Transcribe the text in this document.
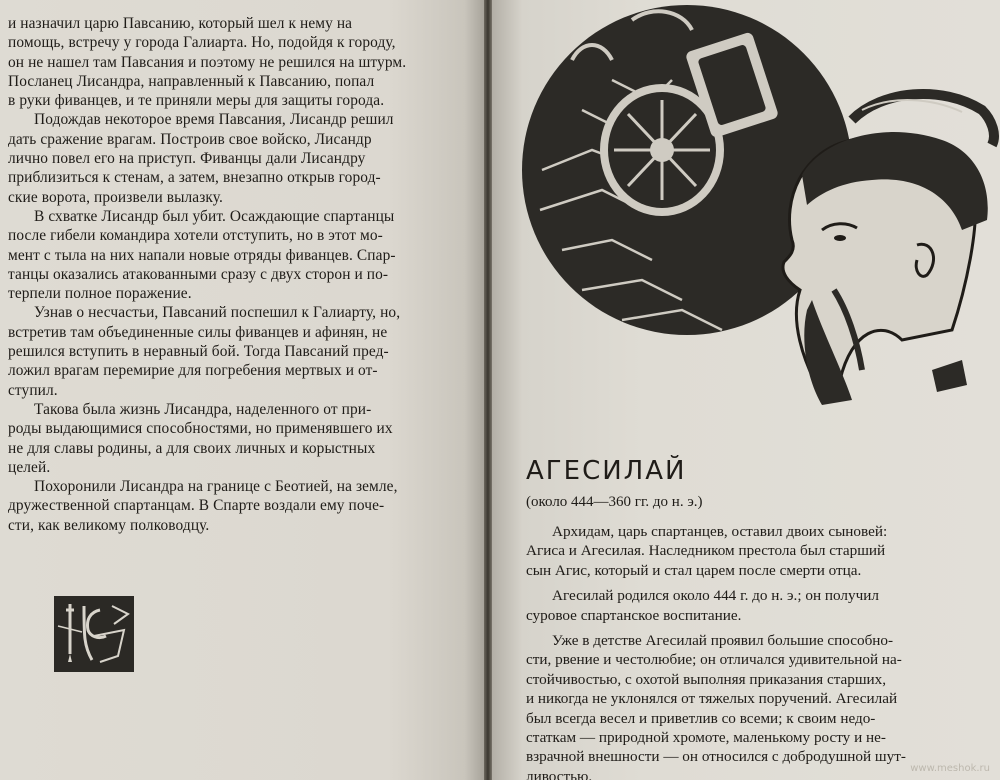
и назначил царю Павсанию, который шел к нему на
помощь, встречу у города Галиарта. Но, подойдя к городу,
он не нашел там Павсания и поэтому не решился на штурм.
Посланец Лисандра, направленный к Павсанию, попал
в руки фиванцев, и те приняли меры для защиты города.

Подождав некоторое время Павсания, Лисандр решил
дать сражение врагам. Построив свое войско, Лисандр
лично повел его на приступ. Фиванцы дали Лисандру
приблизиться к стенам, а затем, внезапно открыв город-
ские ворота, произвели вылазку.

В схватке Лисандр был убит. Осаждающие спартанцы
после гибели командира хотели отступить, но в этот мо-
мент с тыла на них напали новые отряды фиванцев. Спар-
танцы оказались атакованными сразу с двух сторон и по-
терпели полное поражение.

Узнав о несчастьи, Павсаний поспешил к Галиарту, но,
встретив там объединенные силы фиванцев и афинян, не
решился вступить в неравный бой. Тогда Павсаний пред-
ложил врагам перемирие для погребения мертвых и от-
ступил.

Такова была жизнь Лисандра, наделенного от при-
роды выдающимися способностями, но применявшего их
не для славы родины, а для своих личных и корыстных
целей.

Похоронили Лисандра на границе с Беотией, на земле,
дружественной спартанцам. В Спарте воздали ему поче-
сти, как великому полководцу.

АГЕСИЛАЙ
(около 444—360 гг. до н. э.)

Архидам, царь спартанцев, оставил двоих сыновей:
Агиса и Агесилая. Наследником престола был старший
сын Агис, который и стал царем после смерти отца.

Агесилай родился около 444 г. до н. э.; он получил
суровое спартанское воспитание.

Уже в детстве Агесилай проявил большие способно-
сти, рвение и честолюбие; он отличался удивительной на-
стойчивостью, с охотой выполняя приказания старших,
и никогда не уклонялся от тяжелых поручений. Агесилай
был всегда весел и приветлив со всеми; к своим недо-
статкам — природной хромоте, маленькому росту и не-
взрачной внешности — он относился с добродушной шут-
ливостью.	www.meshok.ru
